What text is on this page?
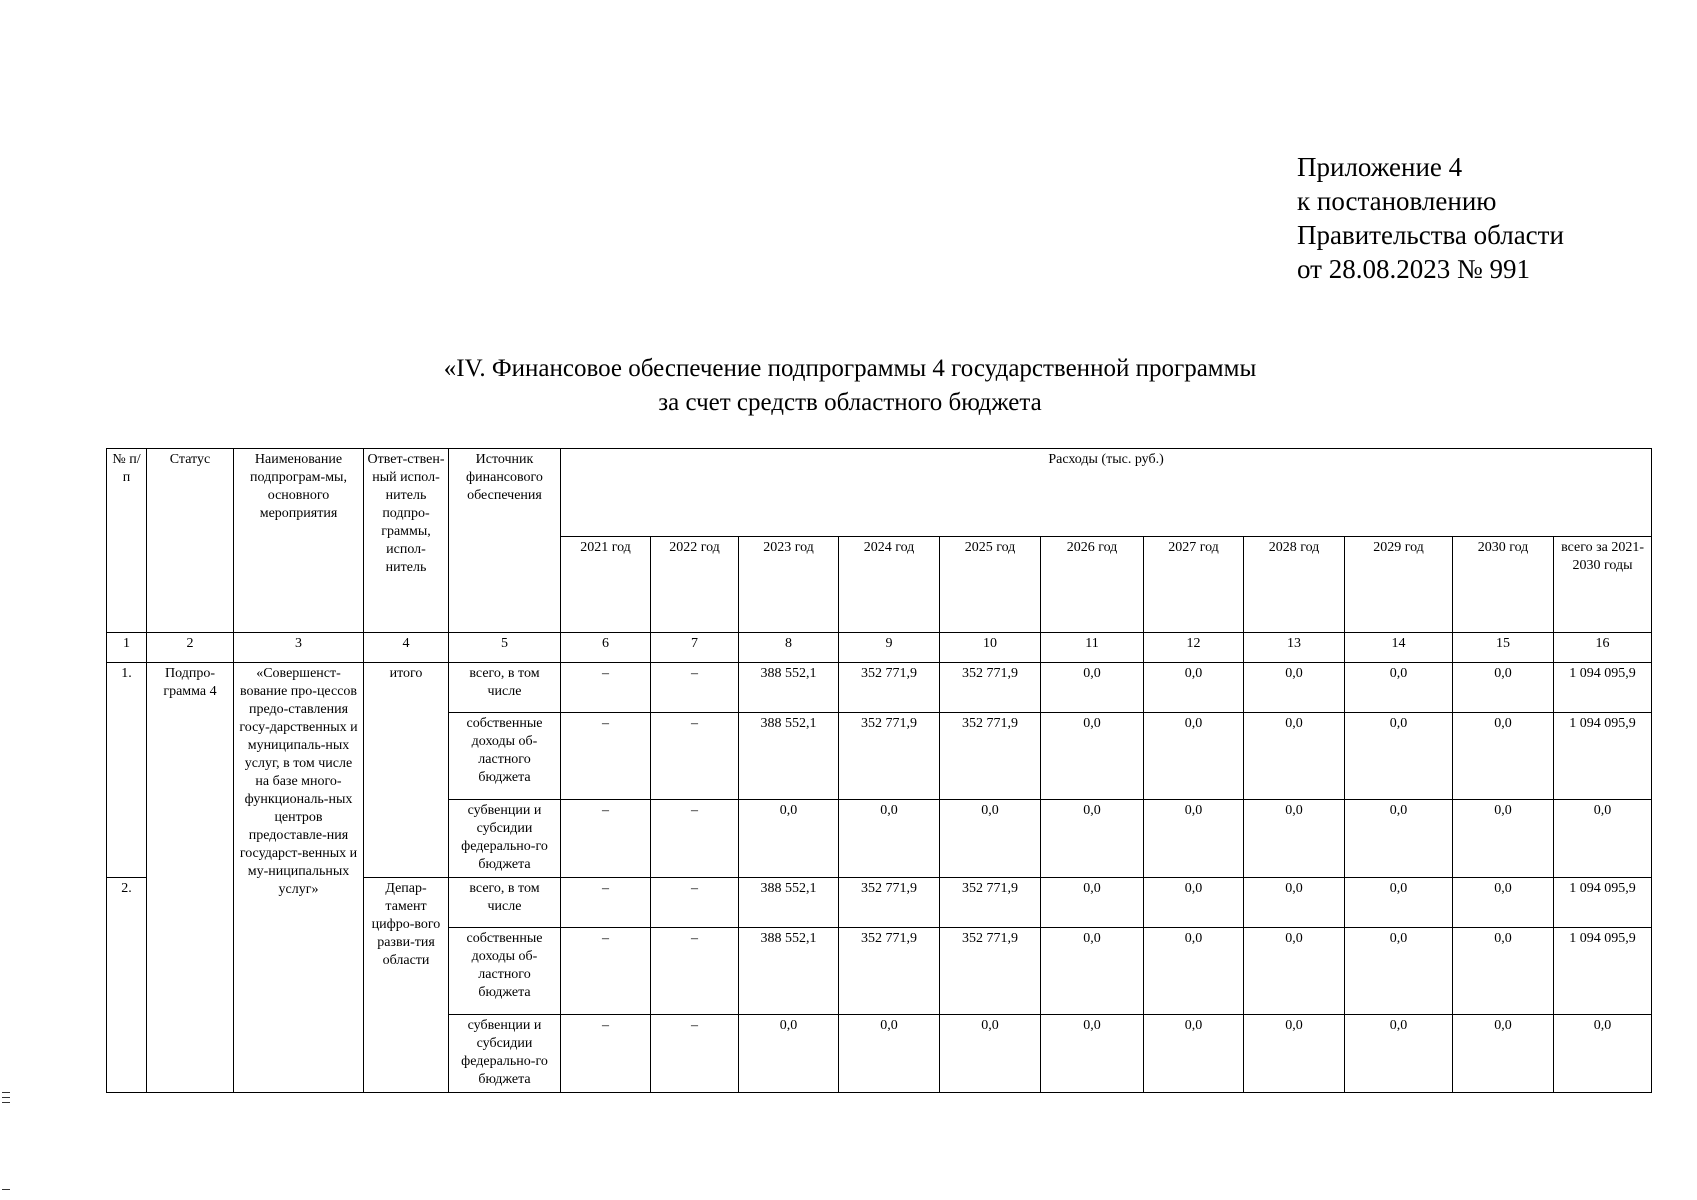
Приложение 4
к постановлению
Правительства области
от 28.08.2023 № 991
«IV. Финансовое обеспечение подпрограммы 4 государственной программы
за счет средств областного бюджета
№ п/п	Статус	Наименование подпрограм-мы, основного мероприятия	Ответ-ствен-ный испол-нитель подпро-граммы, испол-нитель	Источник финансового обеспечения	Расходы (тыс. руб.)										
					2021 год	2022 год	2023 год	2024 год	2025 год	2026 год	2027 год	2028 год	2029 год	2030 год	всего за 2021-2030 годы
1	2	3	4	5	6	7	8	9	10	11	12	13	14	15	16
1.	Подпро-грамма 4	«Совершенст-вование про-цессов предо-ставления госу-дарственных и муниципаль-ных услуг, в том числе на базе много-функциональ-ных центров предоставле-ния государст-венных и му-ниципальных услуг»	итого	всего, в том числе	–	–	388 552,1	352 771,9	352 771,9	0,0	0,0	0,0	0,0	0,0	1 094 095,9
				собственные доходы об-ластного бюджета	–	–	388 552,1	352 771,9	352 771,9	0,0	0,0	0,0	0,0	0,0	1 094 095,9
				субвенции и субсидии федерально-го бюджета	–	–	0,0	0,0	0,0	0,0	0,0	0,0	0,0	0,0	0,0
2.			Депар-тамент цифро-вого разви-тия области	всего, в том числе	–	–	388 552,1	352 771,9	352 771,9	0,0	0,0	0,0	0,0	0,0	1 094 095,9
				собственные доходы об-ластного бюджета	–	–	388 552,1	352 771,9	352 771,9	0,0	0,0	0,0	0,0	0,0	1 094 095,9
				субвенции и субсидии федерально-го бюджета	–	–	0,0	0,0	0,0	0,0	0,0	0,0	0,0	0,0	0,0
